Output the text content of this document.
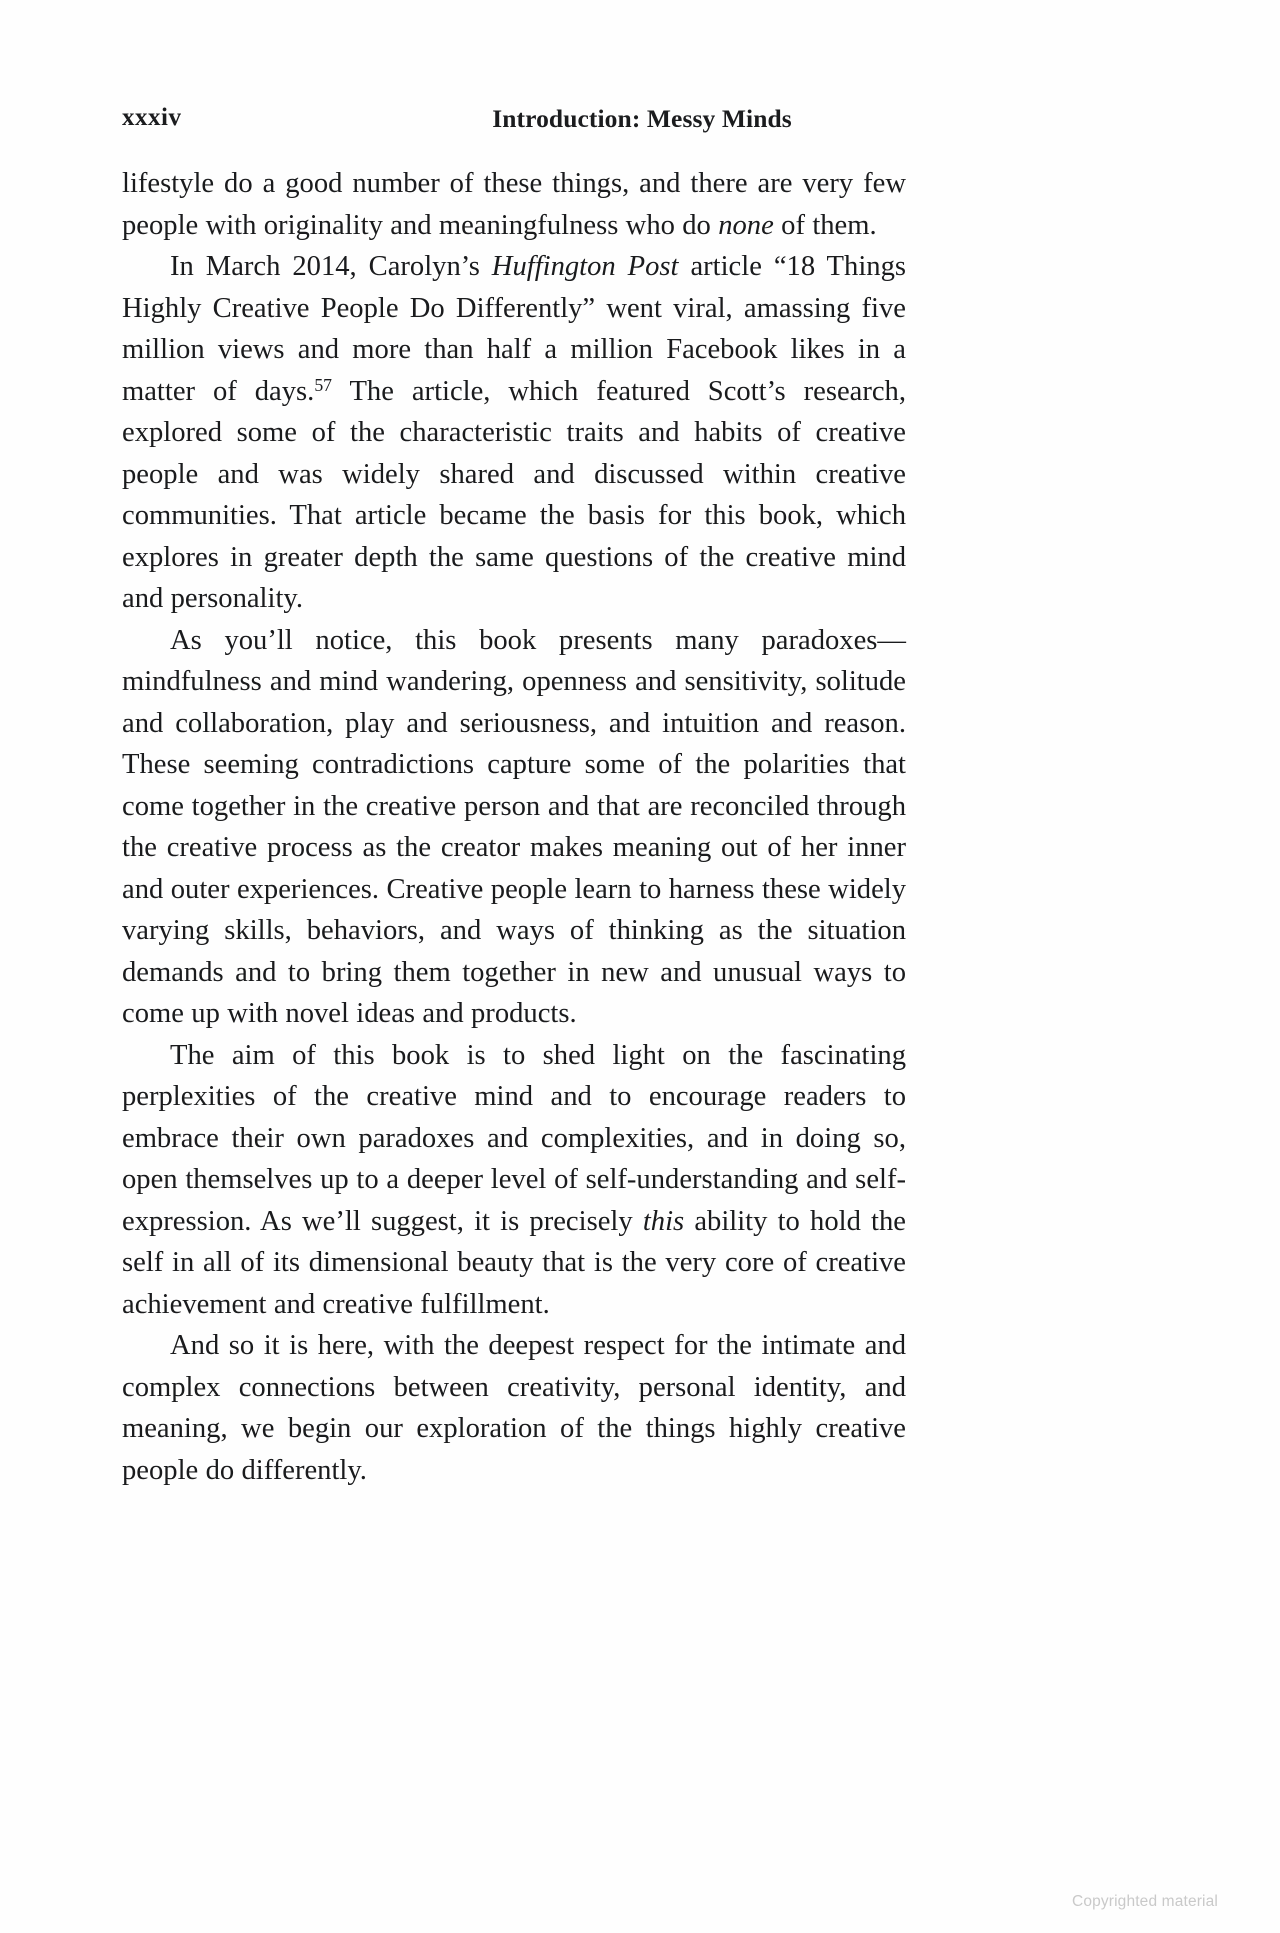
xxxiv	Introduction: Messy Minds

lifestyle do a good number of these things, and there are very few people with originality and meaningfulness who do none of them.

In March 2014, Carolyn’s Huffington Post article “18 Things Highly Creative People Do Differently” went viral, amassing five million views and more than half a million Facebook likes in a matter of days.$^{57}$ The article, which featured Scott’s research, explored some of the characteristic traits and habits of creative people and was widely shared and discussed within creative communities. That article became the basis for this book, which explores in greater depth the same questions of the creative mind and personality.

As you’ll notice, this book presents many paradoxes—mindfulness and mind wandering, openness and sensitivity, solitude and collaboration, play and seriousness, and intuition and reason. These seeming contradictions capture some of the polarities that come together in the creative person and that are reconciled through the creative process as the creator makes meaning out of her inner and outer experiences. Creative people learn to harness these widely varying skills, behaviors, and ways of thinking as the situation demands and to bring them together in new and unusual ways to come up with novel ideas and products.

The aim of this book is to shed light on the fascinating perplexities of the creative mind and to encourage readers to embrace their own paradoxes and complexities, and in doing so, open themselves up to a deeper level of self-understanding and self-expression. As we’ll suggest, it is precisely this ability to hold the self in all of its dimensional beauty that is the very core of creative achievement and creative fulfillment.

And so it is here, with the deepest respect for the intimate and complex connections between creativity, personal identity, and meaning, we begin our exploration of the things highly creative people do differently.

Copyrighted material
